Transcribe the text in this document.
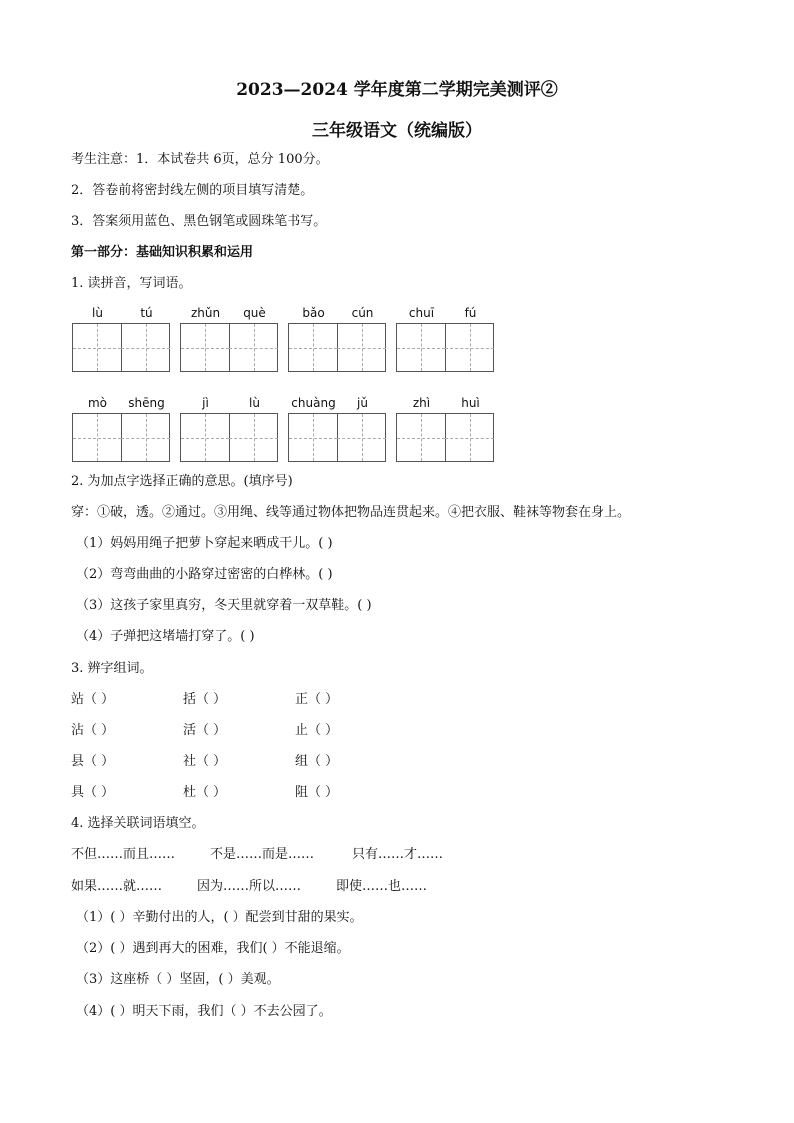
2023—2024 学年度第二学期完美测评②
三年级语文（统编版）
考生注意：1．本试卷共 6页，总分 100分。
2．答卷前将密封线左侧的项目填写清楚。
3．答案须用蓝色、黑色钢笔或圆珠笔书写。
第一部分：基础知识积累和运用
1. 读拼音，写词语。
lù	tú	zhǔn	què	bǎo	cún	chuī	fú
mò	shēng	jì	lù	chuàng	jǔ	zhì	huì
2. 为加点字选择正确的意思。(填序号)
穿：①破，透。②通过。③用绳、线等通过物体把物品连贯起来。④把衣服、鞋袜等物套在身上。
（1）妈妈用绳子把萝卜穿起来晒成干儿。( )
（2）弯弯曲曲的小路穿过密密的白桦林。( )
（3）这孩子家里真穷，冬天里就穿着一双草鞋。( )
（4）子弹把这堵墙打穿了。( )
3. 辨字组词。
站（ ）	括（ ）	正（ ）
沾（ ）	活（ ）	止（ ）
县（ ）	社（ ）	组（ ）
具（ ）	杜（ ）	阻（ ）
4. 选择关联词语填空。
不但……而且……	不是……而是……	只有……才……
如果……就……	因为……所以……	即使……也……
（1）( ）辛勤付出的人，( ）配尝到甘甜的果实。
（2）( ）遇到再大的困难，我们( ）不能退缩。
（3）这座桥（ ）坚固，( ）美观。
（4）( ）明天下雨，我们（ ）不去公园了。
